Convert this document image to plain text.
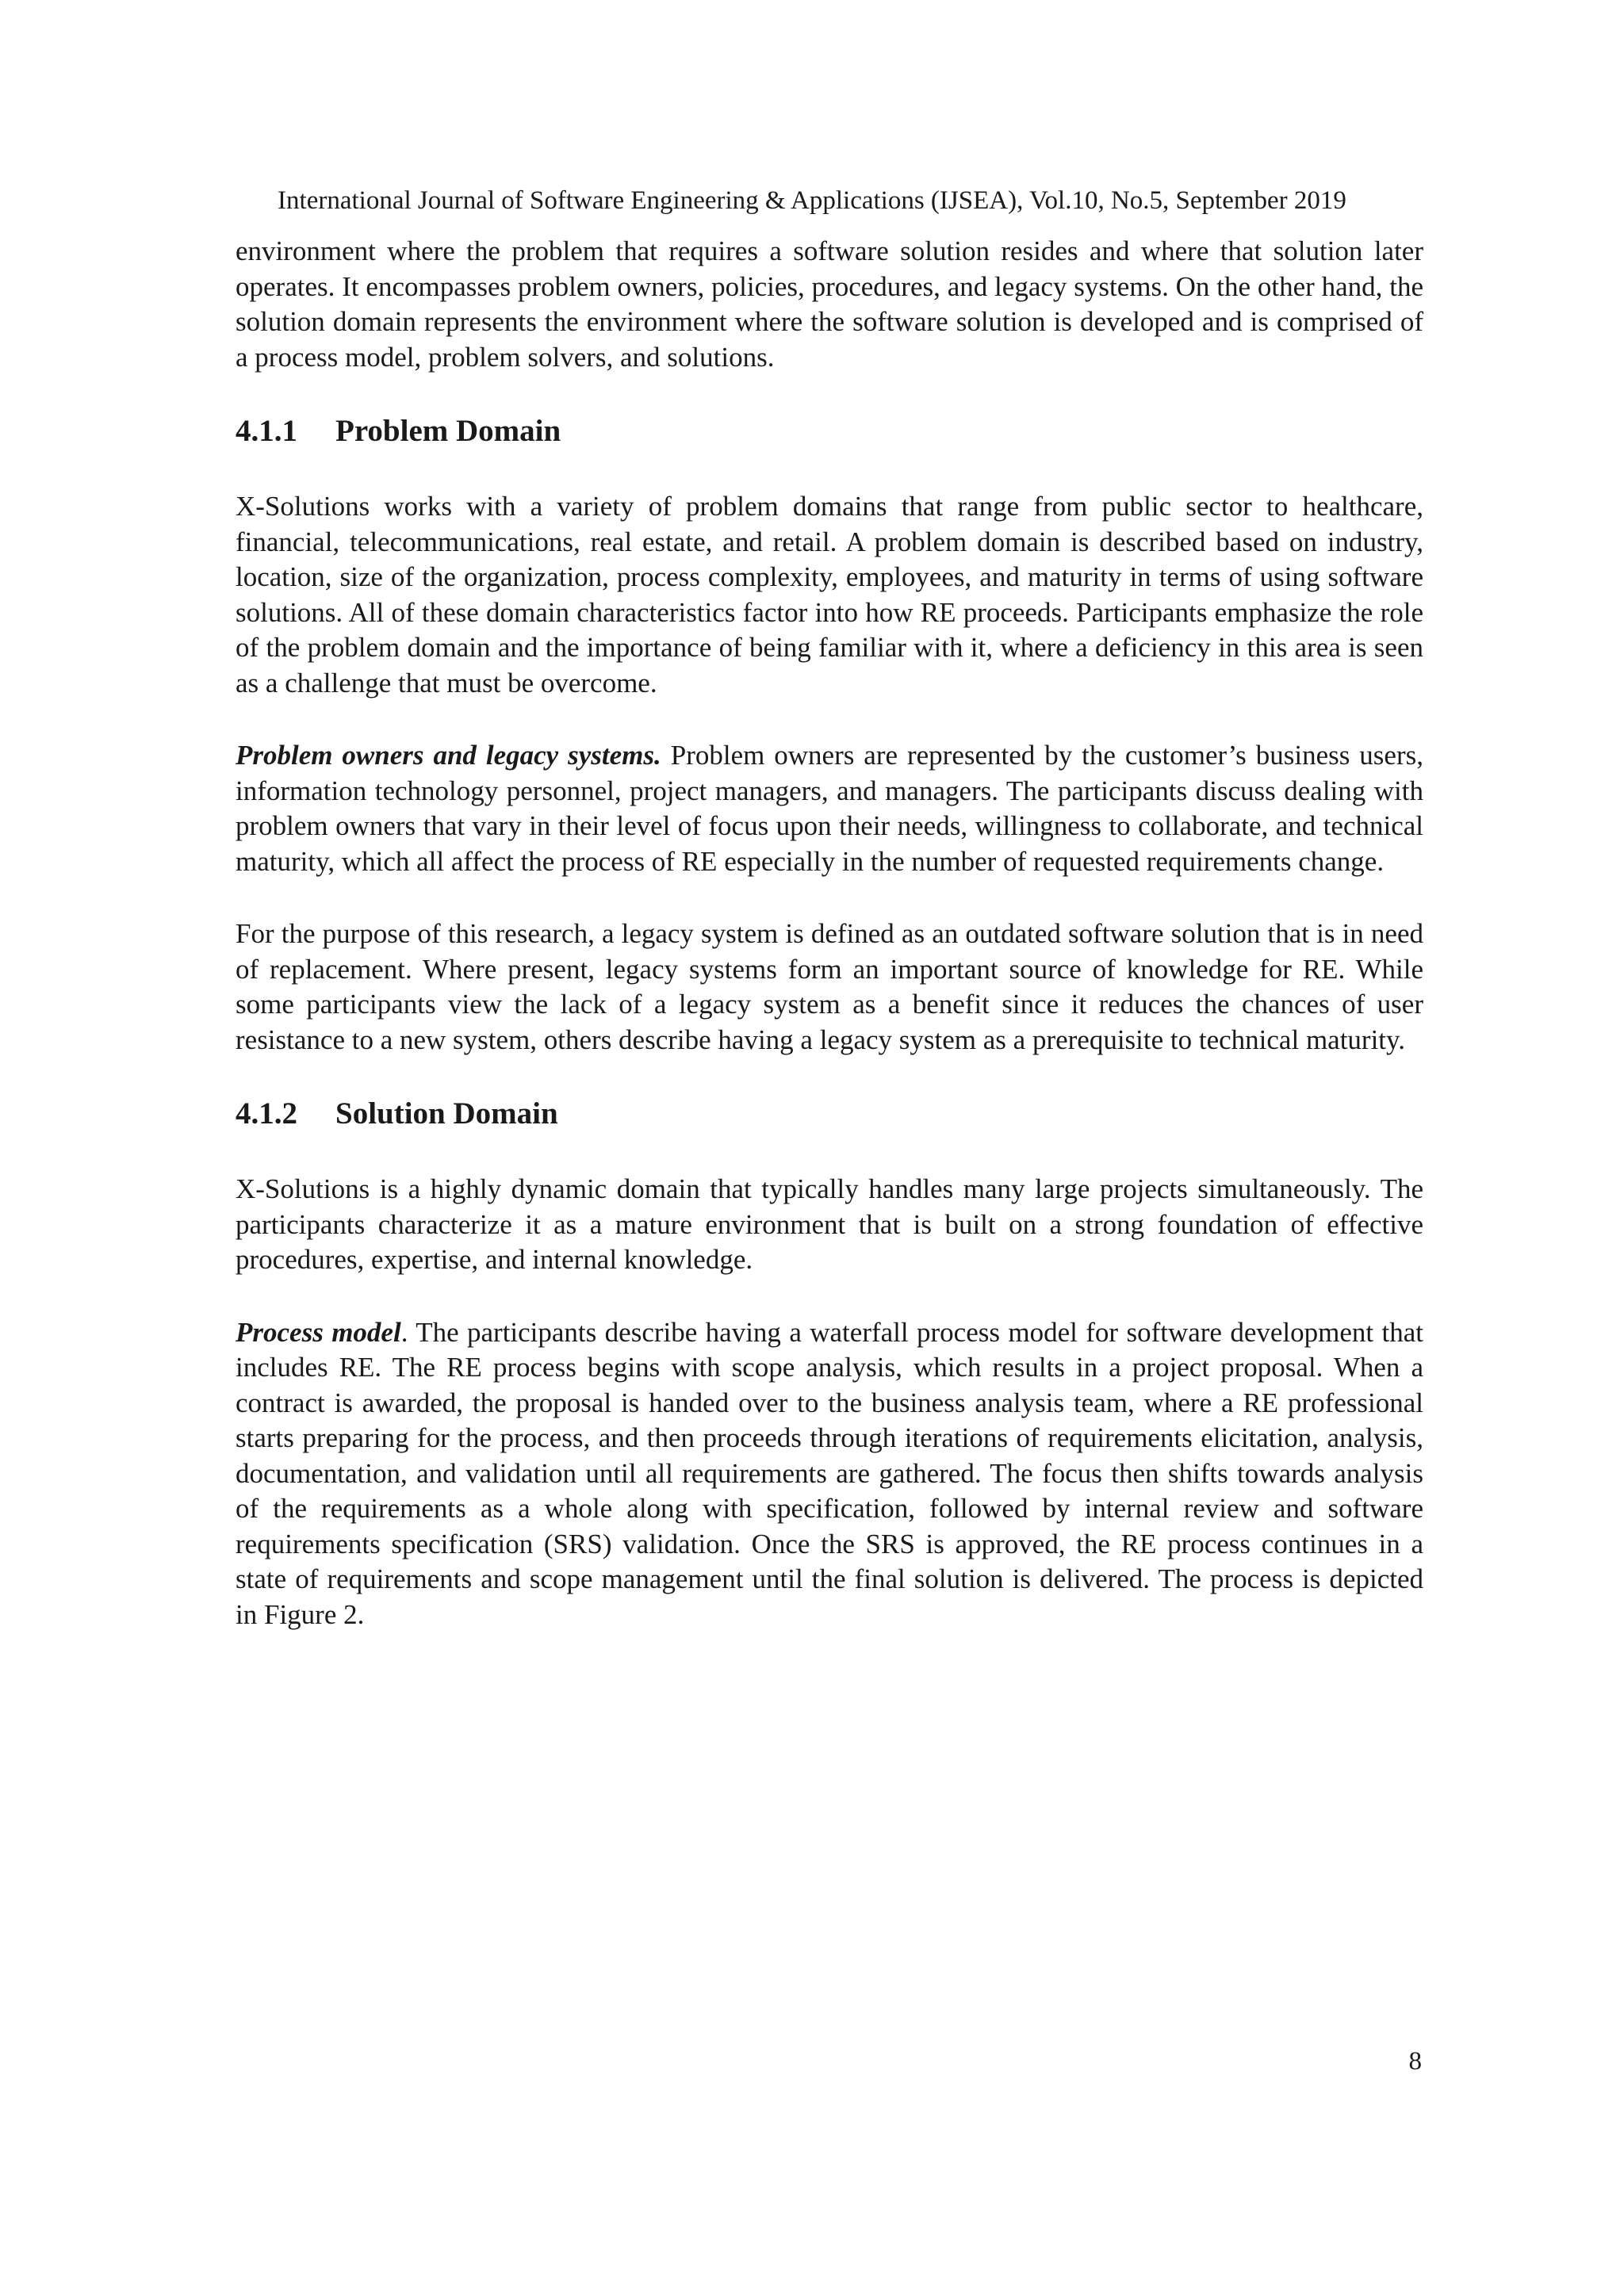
International Journal of Software Engineering & Applications (IJSEA), Vol.10, No.5, September 2019

environment where the problem that requires a software solution resides and where that solution later operates. It encompasses problem owners, policies, procedures, and legacy systems. On the other hand, the solution domain represents the environment where the software solution is developed and is comprised of a process model, problem solvers, and solutions.

4.1.1 Problem Domain

X-Solutions works with a variety of problem domains that range from public sector to healthcare, financial, telecommunications, real estate, and retail. A problem domain is described based on industry, location, size of the organization, process complexity, employees, and maturity in terms of using software solutions. All of these domain characteristics factor into how RE proceeds. Participants emphasize the role of the problem domain and the importance of being familiar with it, where a deficiency in this area is seen as a challenge that must be overcome.

Problem owners and legacy systems. Problem owners are represented by the customer’s business users, information technology personnel, project managers, and managers. The participants discuss dealing with problem owners that vary in their level of focus upon their needs, willingness to collaborate, and technical maturity, which all affect the process of RE especially in the number of requested requirements change.

For the purpose of this research, a legacy system is defined as an outdated software solution that is in need of replacement. Where present, legacy systems form an important source of knowledge for RE. While some participants view the lack of a legacy system as a benefit since it reduces the chances of user resistance to a new system, others describe having a legacy system as a prerequisite to technical maturity.

4.1.2 Solution Domain

X-Solutions is a highly dynamic domain that typically handles many large projects simultaneously. The participants characterize it as a mature environment that is built on a strong foundation of effective procedures, expertise, and internal knowledge.

Process model. The participants describe having a waterfall process model for software development that includes RE. The RE process begins with scope analysis, which results in a project proposal. When a contract is awarded, the proposal is handed over to the business analysis team, where a RE professional starts preparing for the process, and then proceeds through iterations of requirements elicitation, analysis, documentation, and validation until all requirements are gathered. The focus then shifts towards analysis of the requirements as a whole along with specification, followed by internal review and software requirements specification (SRS) validation. Once the SRS is approved, the RE process continues in a state of requirements and scope management until the final solution is delivered. The process is depicted in Figure 2.

8
